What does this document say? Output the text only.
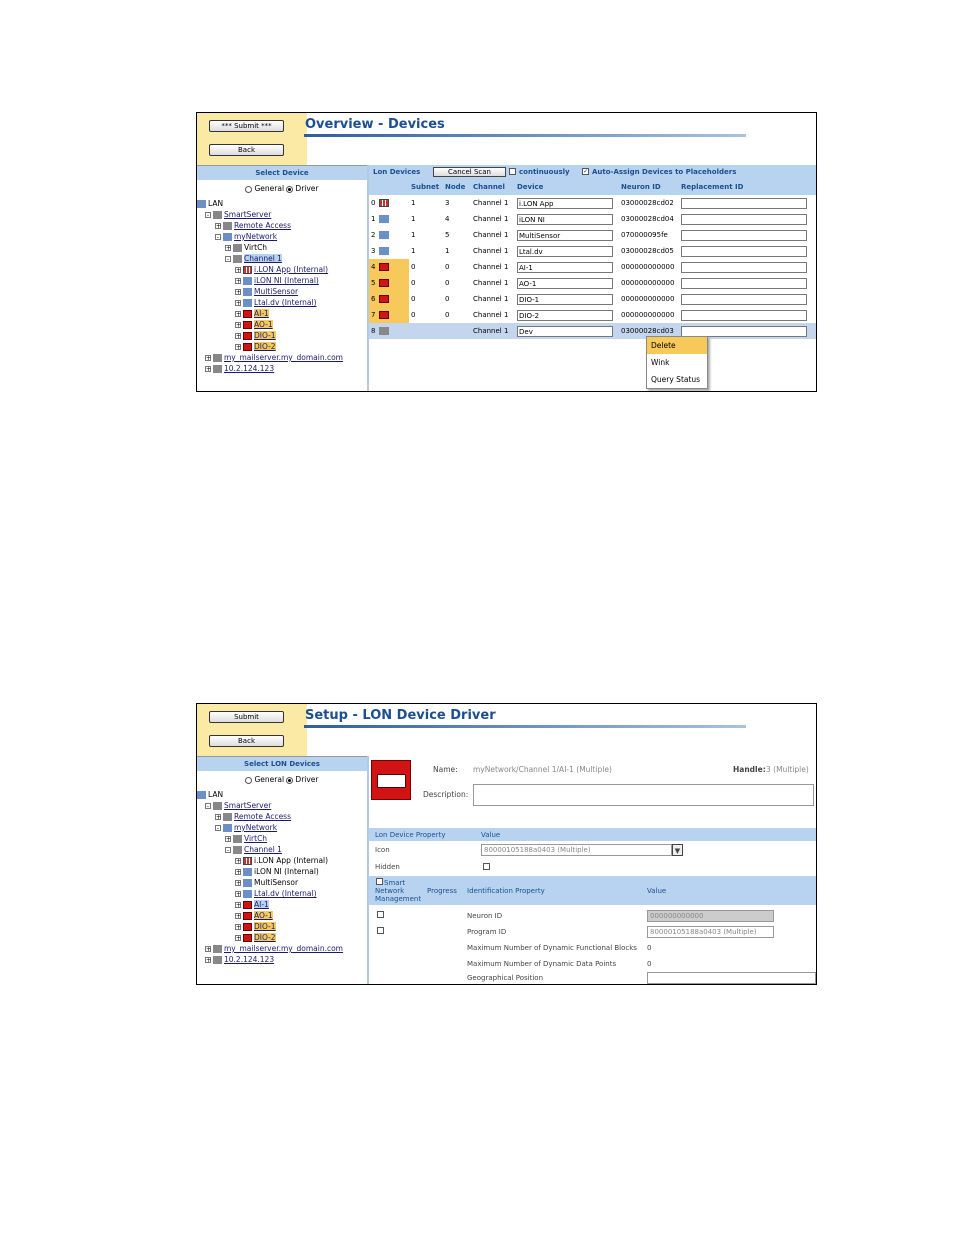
*** Submit ***
Back
Overview - Devices
Select Device
General Driver
LAN
- SmartServer
+ Remote Access
- myNetwork
+ VirtCh
- Channel 1
+ i.LON App (Internal)
+ iLON NI (Internal)
+ MultiSensor
+ Ltal.dv (Internal)
+ AI-1
+ AO-1
+ DIO-1
+ DIO-2
+ my_mailserver.my_domain.com
+ 10.2.124.123
Lon Devices	Cancel Scan	continuously ✓ Auto-Assign Devices to Placeholders
	Subnet	Node	Channel	Device	Neuron ID	Replacement ID
0	1	3	Channel 1	i.LON App	03000028cd02	

1	1	4	Channel 1	iLON NI	03000028cd04	

2	1	5	Channel 1	MultiSensor	070000095fe	

3	1	1	Channel 1	Ltal.dv	03000028cd05	

4	0	0	Channel 1	AI-1	000000000000	

5	0	0	Channel 1	AO-1	000000000000	

6	0	0	Channel 1	DIO-1	000000000000	

7	0	0	Channel 1	DIO-2	000000000000	

8			Channel 1	Dev	03000028cd03	
Delete
Wink
Query Status
Submit
Back
Setup - LON Device Driver
Select LON Devices
General Driver
LAN
- SmartServer
+ Remote Access
- myNetwork
+ VirtCh
- Channel 1
+ i.LON App (Internal)
+ iLON NI (Internal)
+ MultiSensor
+ Ltal.dv (Internal)
+ AI-1
+ AO-1
+ DIO-1
+ DIO-2
+ my_mailserver.my_domain.com
+ 10.2.124.123
Name: myNetwork/Channel 1/AI-1 (Multiple)	Handle: 3 (Multiple)
Description:
Lon Device Property	Value
Icon	80000105188a0403 (Multiple)	▼
Hidden
Smart Network Management
Progress Identification Property	Value
Neuron ID	000000000000
Program ID	80000105188a0403 (Multiple)
Maximum Number of Dynamic Functional Blocks 0
Maximum Number of Dynamic Data Points	0
Geographical Position
